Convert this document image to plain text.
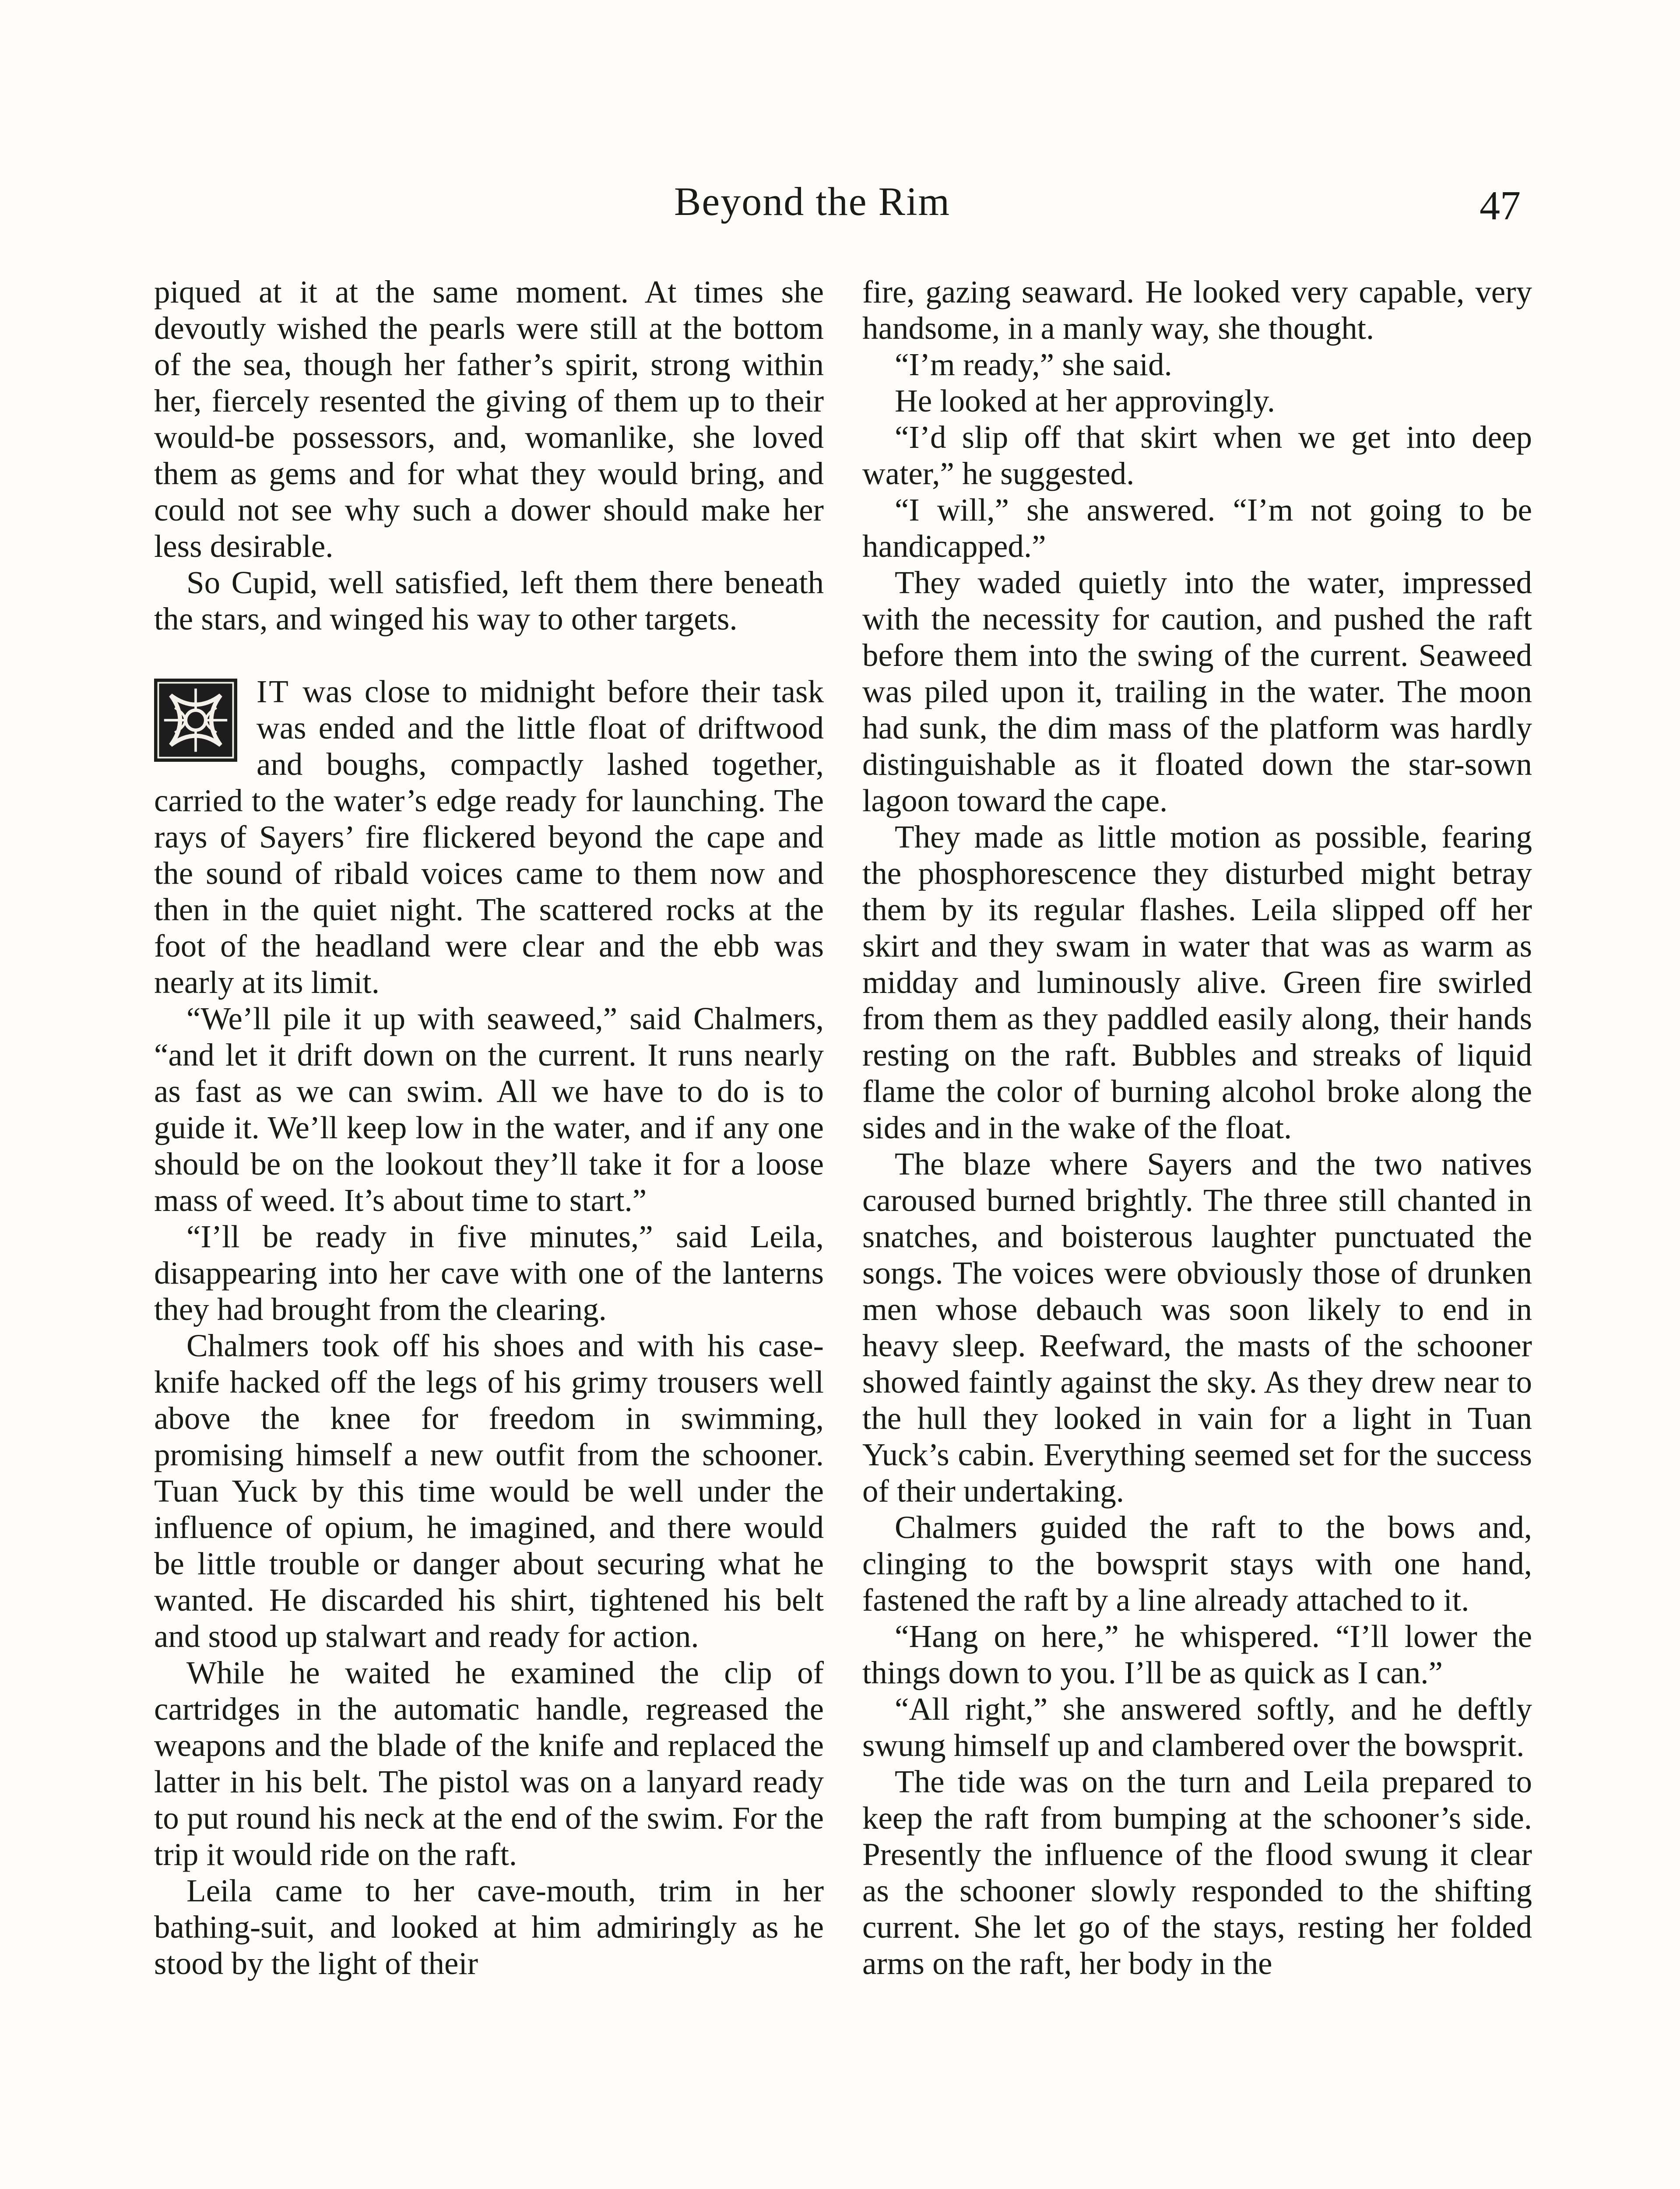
Beyond the Rim	47

piqued at it at the same moment. At times she devoutly wished the pearls were still at the bottom of the sea, though her father’s spirit, strong within her, fiercely resented the giving of them up to their would-be possessors, and, womanlike, she loved them as gems and for what they would bring, and could not see why such a dower should make her less desirable.

So Cupid, well satisfied, left them there beneath the stars, and winged his way to other targets.

IT was close to midnight before their task was ended and the little float of driftwood and boughs, compactly lashed together, carried to the water’s edge ready for launching. The rays of Sayers’ fire flickered beyond the cape and the sound of ribald voices came to them now and then in the quiet night. The scattered rocks at the foot of the headland were clear and the ebb was nearly at its limit.

“We’ll pile it up with seaweed,” said Chalmers, “and let it drift down on the current. It runs nearly as fast as we can swim. All we have to do is to guide it. We’ll keep low in the water, and if any one should be on the lookout they’ll take it for a loose mass of weed. It’s about time to start.”

“I’ll be ready in five minutes,” said Leila, disappearing into her cave with one of the lanterns they had brought from the clearing.

Chalmers took off his shoes and with his case-knife hacked off the legs of his grimy trousers well above the knee for freedom in swimming, promising himself a new outfit from the schooner. Tuan Yuck by this time would be well under the influence of opium, he imagined, and there would be little trouble or danger about securing what he wanted. He discarded his shirt, tightened his belt and stood up stalwart and ready for action.

While he waited he examined the clip of cartridges in the automatic handle, regreased the weapons and the blade of the knife and replaced the latter in his belt. The pistol was on a lanyard ready to put round his neck at the end of the swim. For the trip it would ride on the raft.

Leila came to her cave-mouth, trim in her bathing-suit, and looked at him admiringly as he stood by the light of their

fire, gazing seaward. He looked very capable, very handsome, in a manly way, she thought.

“I’m ready,” she said.

He looked at her approvingly.

“I’d slip off that skirt when we get into deep water,” he suggested.

“I will,” she answered. “I’m not going to be handicapped.”

They waded quietly into the water, impressed with the necessity for caution, and pushed the raft before them into the swing of the current. Seaweed was piled upon it, trailing in the water. The moon had sunk, the dim mass of the platform was hardly distinguishable as it floated down the star-sown lagoon toward the cape.

They made as little motion as possible, fearing the phosphorescence they disturbed might betray them by its regular flashes. Leila slipped off her skirt and they swam in water that was as warm as midday and luminously alive. Green fire swirled from them as they paddled easily along, their hands resting on the raft. Bubbles and streaks of liquid flame the color of burning alcohol broke along the sides and in the wake of the float.

The blaze where Sayers and the two natives caroused burned brightly. The three still chanted in snatches, and boisterous laughter punctuated the songs. The voices were obviously those of drunken men whose debauch was soon likely to end in heavy sleep. Reefward, the masts of the schooner showed faintly against the sky. As they drew near to the hull they looked in vain for a light in Tuan Yuck’s cabin. Everything seemed set for the success of their undertaking.

Chalmers guided the raft to the bows and, clinging to the bowsprit stays with one hand, fastened the raft by a line already attached to it.

“Hang on here,” he whispered. “I’ll lower the things down to you. I’ll be as quick as I can.”

“All right,” she answered softly, and he deftly swung himself up and clambered over the bowsprit.

The tide was on the turn and Leila prepared to keep the raft from bumping at the schooner’s side. Presently the influence of the flood swung it clear as the schooner slowly responded to the shifting current. She let go of the stays, resting her folded arms on the raft, her body in the
